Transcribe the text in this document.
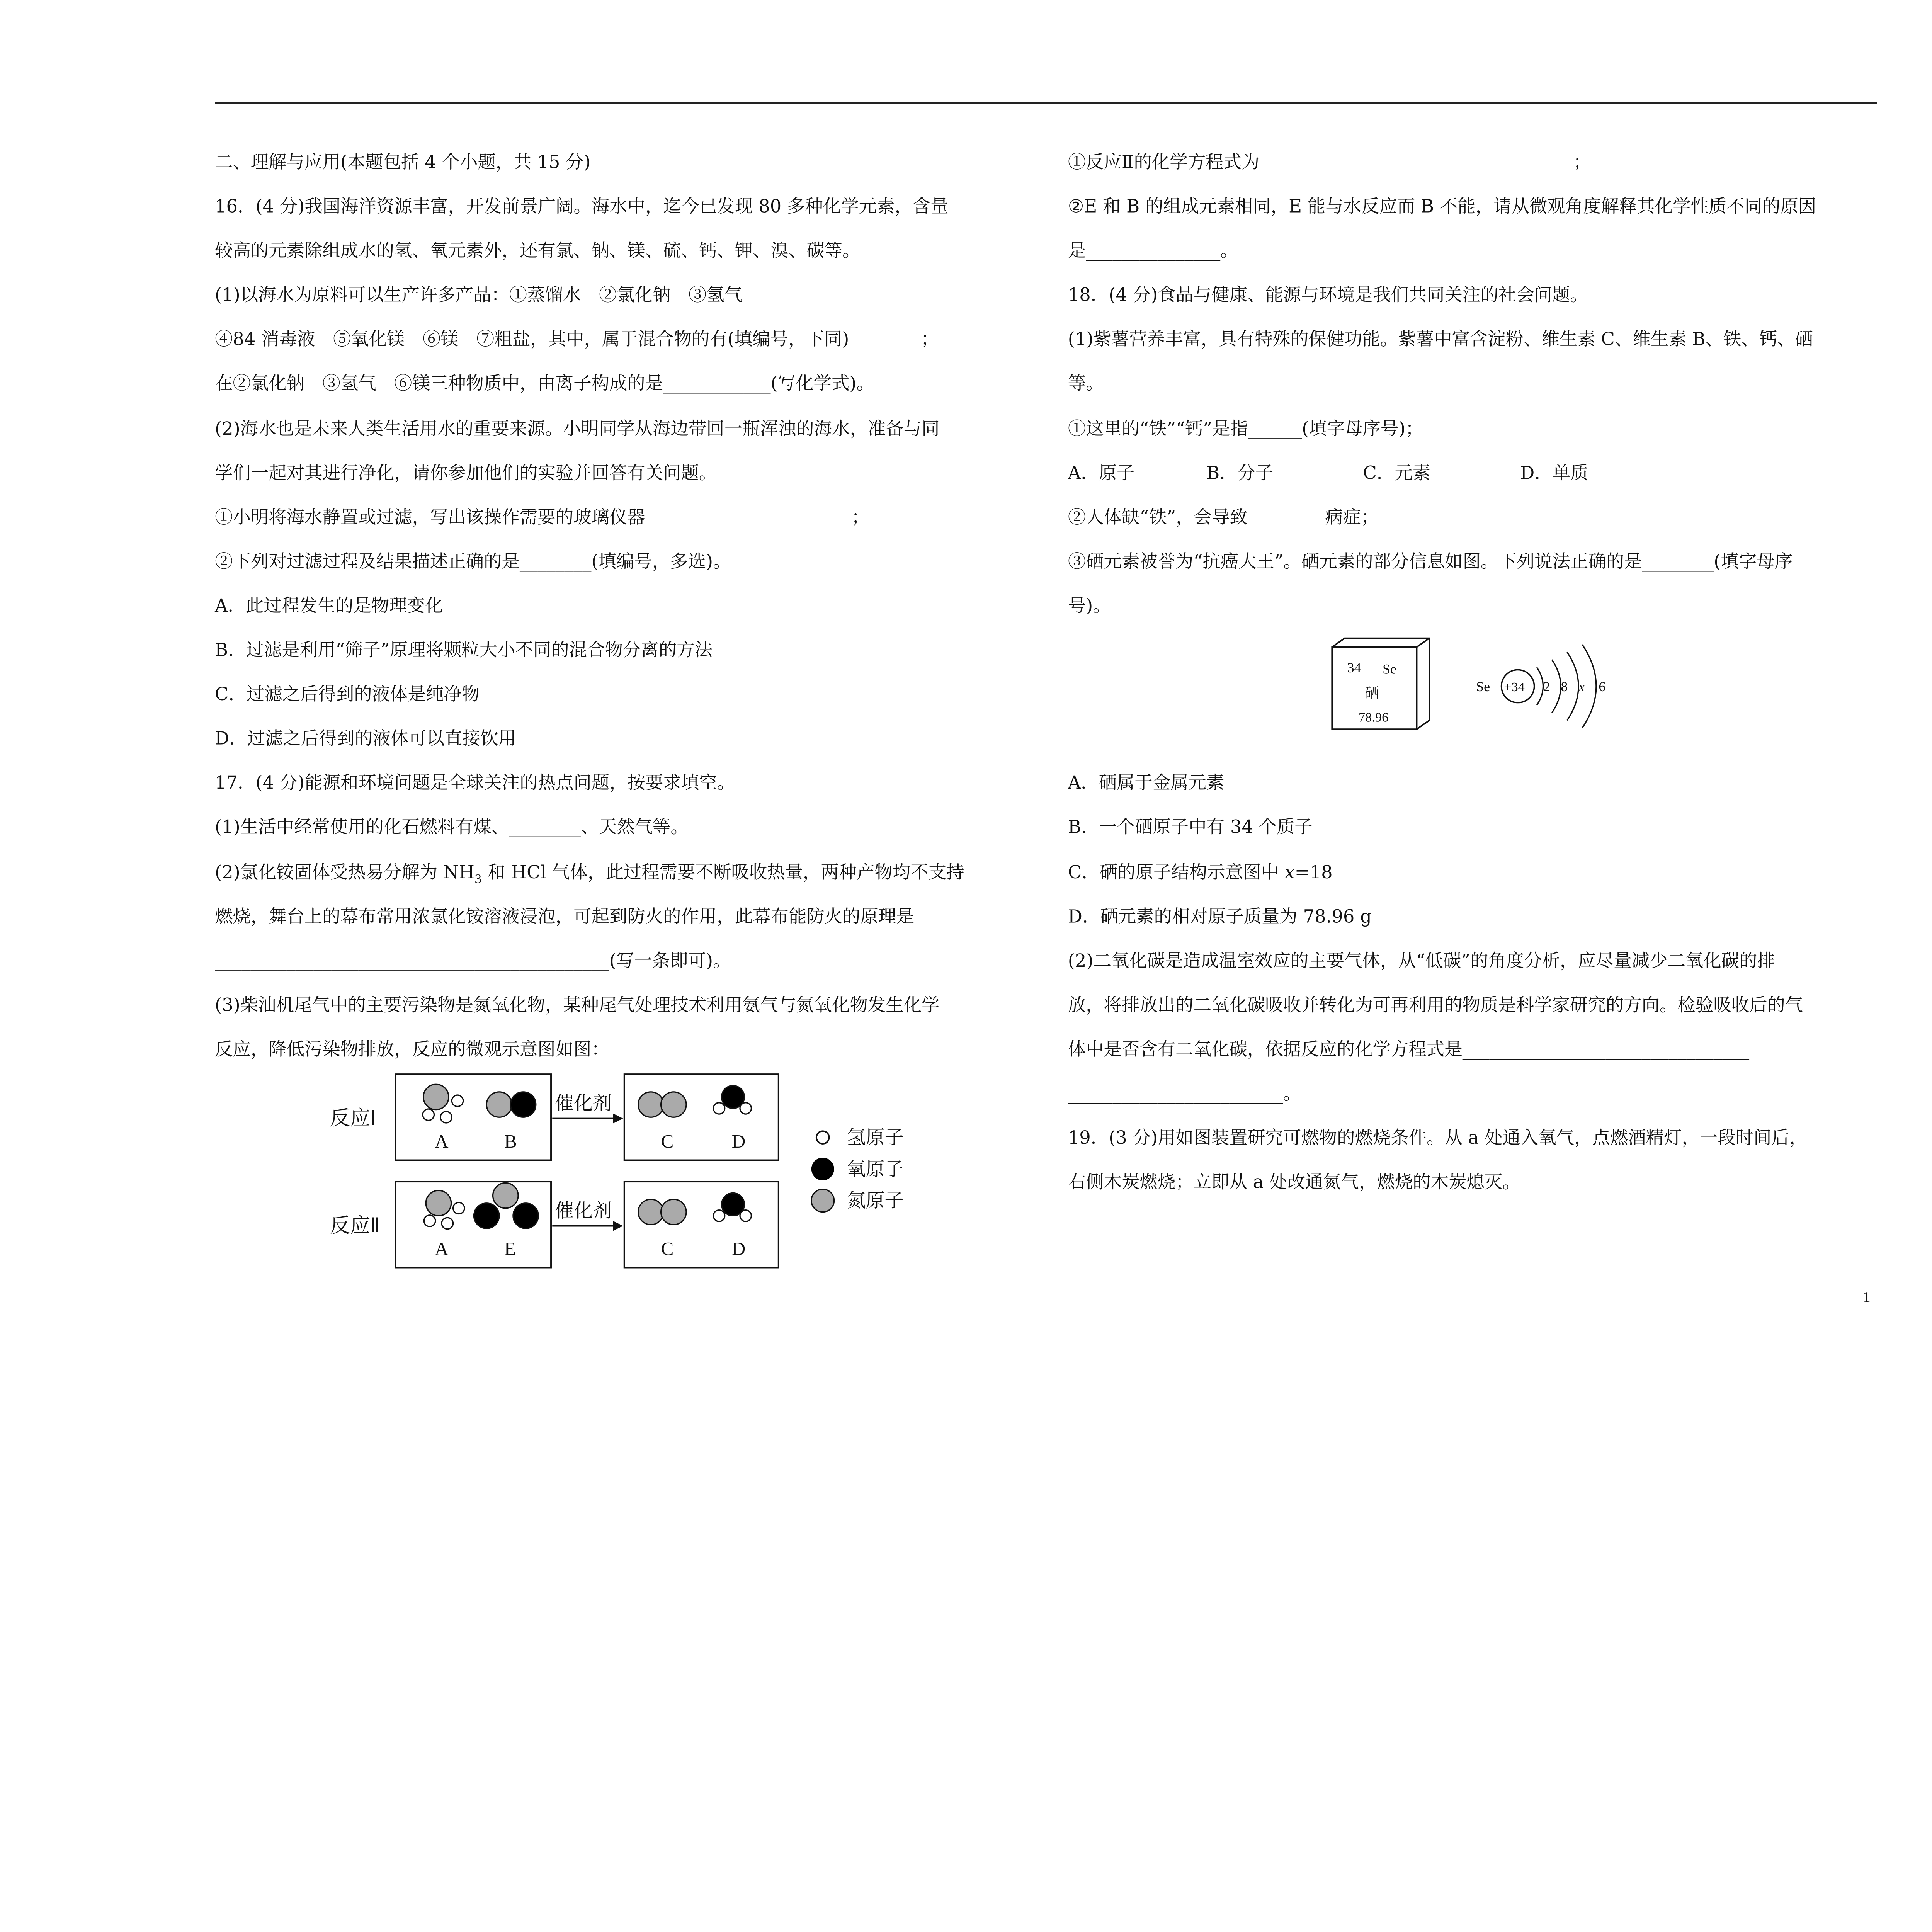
二、理解与应用(本题包括 4 个小题，共 15 分)

16．(4 分)我国海洋资源丰富，开发前景广阔。海水中，迄今已发现 80 多种化学元素，含量

较高的元素除组成水的氢、氧元素外，还有氯、钠、镁、硫、钙、钾、溴、碳等。

(1)以海水为原料可以生产许多产品：①蒸馏水　②氯化钠　③氢气

④84 消毒液　⑤氧化镁　⑥镁　⑦粗盐，其中，属于混合物的有(填编号，下同)________；

在②氯化钠　③氢气　⑥镁三种物质中，由离子构成的是____________(写化学式)。

(2)海水也是未来人类生活用水的重要来源。小明同学从海边带回一瓶浑浊的海水，准备与同

学们一起对其进行净化，请你参加他们的实验并回答有关问题。

①小明将海水静置或过滤，写出该操作需要的玻璃仪器_______________________；

②下列对过滤过程及结果描述正确的是________(填编号，多选)。

A．此过程发生的是物理变化

B．过滤是利用“筛子”原理将颗粒大小不同的混合物分离的方法

C．过滤之后得到的液体是纯净物

D．过滤之后得到的液体可以直接饮用

17．(4 分)能源和环境问题是全球关注的热点问题，按要求填空。

(1)生活中经常使用的化石燃料有煤、________、天然气等。

(2)氯化铵固体受热易分解为 $NH_3$ 和 HCl 气体，此过程需要不断吸收热量，两种产物均不支持

燃烧，舞台上的幕布常用浓氯化铵溶液浸泡，可起到防火的作用，此幕布能防火的原理是

____________________________________________(写一条即可)。

(3)柴油机尾气中的主要污染物是氮氧化物，某种尾气处理技术利用氨气与氮氧化物发生化学

反应，降低污染物排放，反应的微观示意图如图：

反应Ⅰ
反应Ⅱ
催化剂
催化剂
A	B	C	D
A	E	C	D
氢原子
氧原子
氮原子

①反应Ⅱ的化学方程式为___________________________________；

②E 和 B 的组成元素相同，E 能与水反应而 B 不能，请从微观角度解释其化学性质不同的原因

是_______________。

18．(4 分)食品与健康、能源与环境是我们共同关注的社会问题。

(1)紫薯营养丰富，具有特殊的保健功能。紫薯中富含淀粉、维生素 C、维生素 B、铁、钙、硒

等。

①这里的“铁”“钙”是指______(填字母序号)；

A．原子　　　　B．分子　　　　　C．元素　　　　　D．单质

②人体缺“铁”，会导致________ 病症；

③硒元素被誉为“抗癌大王”。硒元素的部分信息如图。下列说法正确的是________(填字母序

号)。

A．硒属于金属元素

B．一个硒原子中有 34 个质子

C．硒的原子结构示意图中 x=18

D．硒元素的相对原子质量为 78.96 g

(2)二氧化碳是造成温室效应的主要气体，从“低碳”的角度分析，应尽量减少二氧化碳的排

放，将排放出的二氧化碳吸收并转化为可再利用的物质是科学家研究的方向。检验吸收后的气

体中是否含有二氧化碳，依据反应的化学方程式是________________________________

________________________。

19．(3 分)用如图装置研究可燃物的燃烧条件。从 a 处通入氧气，点燃酒精灯，一段时间后，

右侧木炭燃烧；立即从 a 处改通氮气，燃烧的木炭熄灭。

34	Se
硒
78.96
Se	+34	2	8	x	6
1
